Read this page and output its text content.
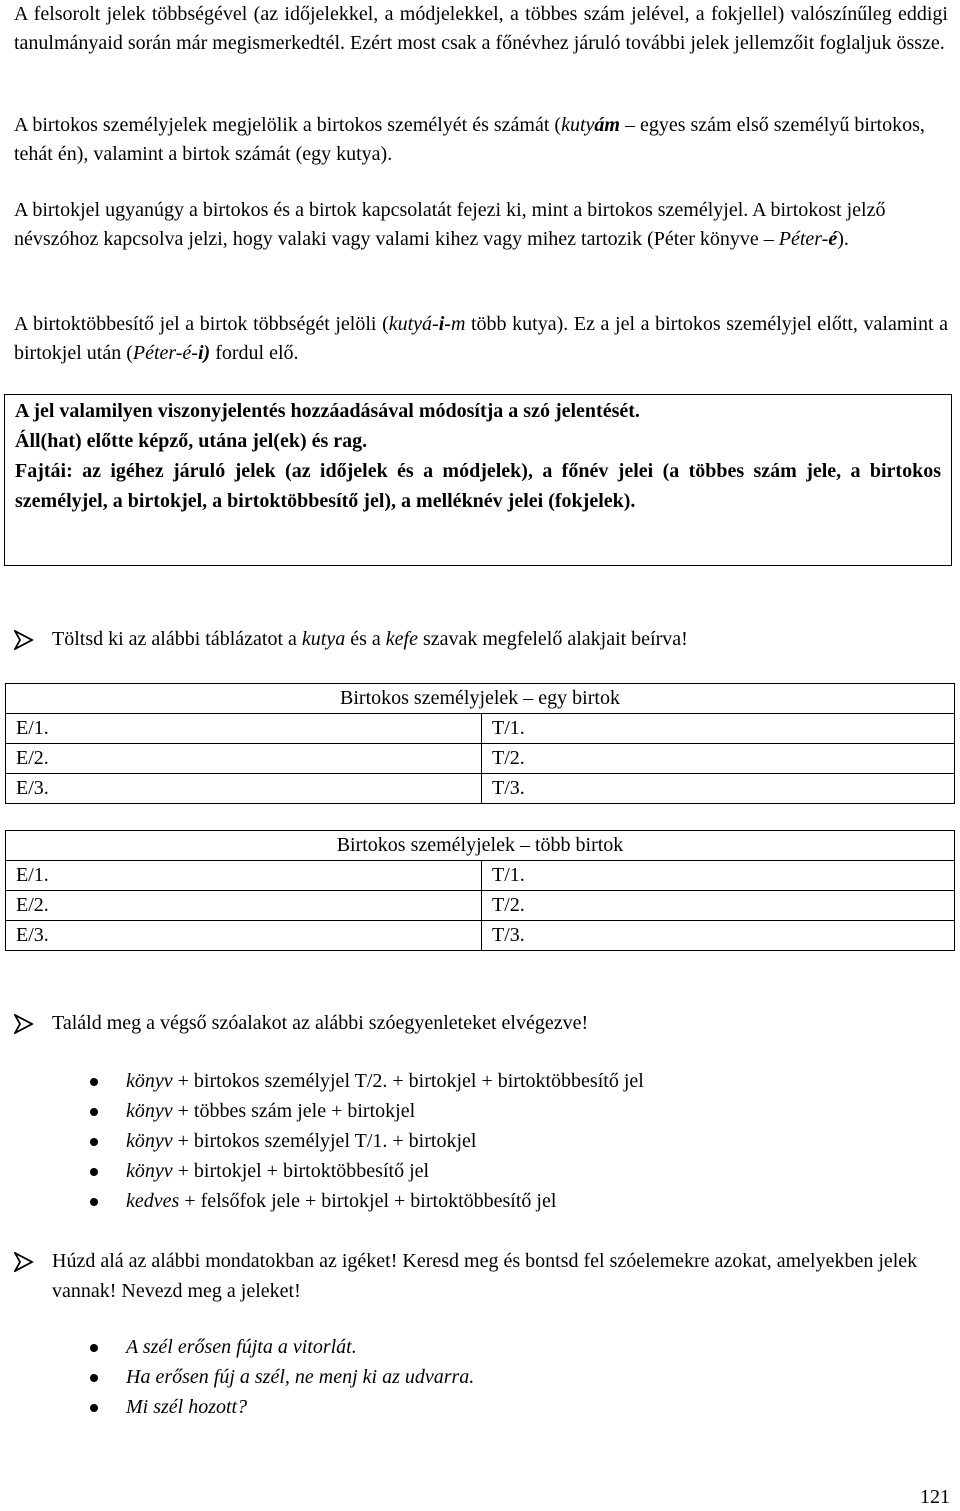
A felsorolt jelek többségével (az időjelekkel, a módjelekkel, a többes szám jelével, a fokjellel) valószínűleg eddigi tanulmányaid során már megismerkedtél. Ezért most csak a főnévhez járuló további jelek jellemzőit foglaljuk össze.

A birtokos személyjelek megjelölik a birtokos személyét és számát (kutyám – egyes szám első személyű birtokos, tehát én), valamint a birtok számát (egy kutya).

A birtokjel ugyanúgy a birtokos és a birtok kapcsolatát fejezi ki, mint a birtokos személyjel. A birtokost jelző névszóhoz kapcsolva jelzi, hogy valaki vagy valami kihez vagy mihez tartozik (Péter könyve – Péter-é).

A birtoktöbbesítő jel a birtok többségét jelöli (kutyá-i-m több kutya). Ez a jel a birtokos személyjel előtt, valamint a birtokjel után (Péter-é-i) fordul elő.

A jel valamilyen viszonyjelentés hozzáadásával módosítja a szó jelentését.
Áll(hat) előtte képző, utána jel(ek) és rag.
Fajtái: az igéhez járuló jelek (az időjelek és a módjelek), a főnév jelei (a többes szám jele, a birtokos személyjel, a birtokjel, a birtoktöbbesítő jel), a melléknév jelei (fokjelek).
Töltsd ki az alábbi táblázatot a kutya és a kefe szavak megfelelő alakjait beírva!
Birtokos személyjelek – egy birtok	
E/1.	T/1.
E/2.	T/2.
E/3.	T/3.
Birtokos személyjelek – több birtok	
E/1.	T/1.
E/2.	T/2.
E/3.	T/3.
Találd meg a végső szóalakot az alábbi szóegyenleteket elvégezve!
könyv + birtokos személyjel T/2. + birtokjel + birtoktöbbesítő jel
könyv + többes szám jele + birtokjel
könyv + birtokos személyjel T/1. + birtokjel
könyv + birtokjel + birtoktöbbesítő jel
kedves + felsőfok jele + birtokjel + birtoktöbbesítő jel
Húzd alá az alábbi mondatokban az igéket! Keresd meg és bontsd fel szóelemekre azokat, amelyekben jelek vannak! Nevezd meg a jeleket!
A szél erősen fújta a vitorlát.
Ha erősen fúj a szél, ne menj ki az udvarra.
Mi szél hozott?
121
